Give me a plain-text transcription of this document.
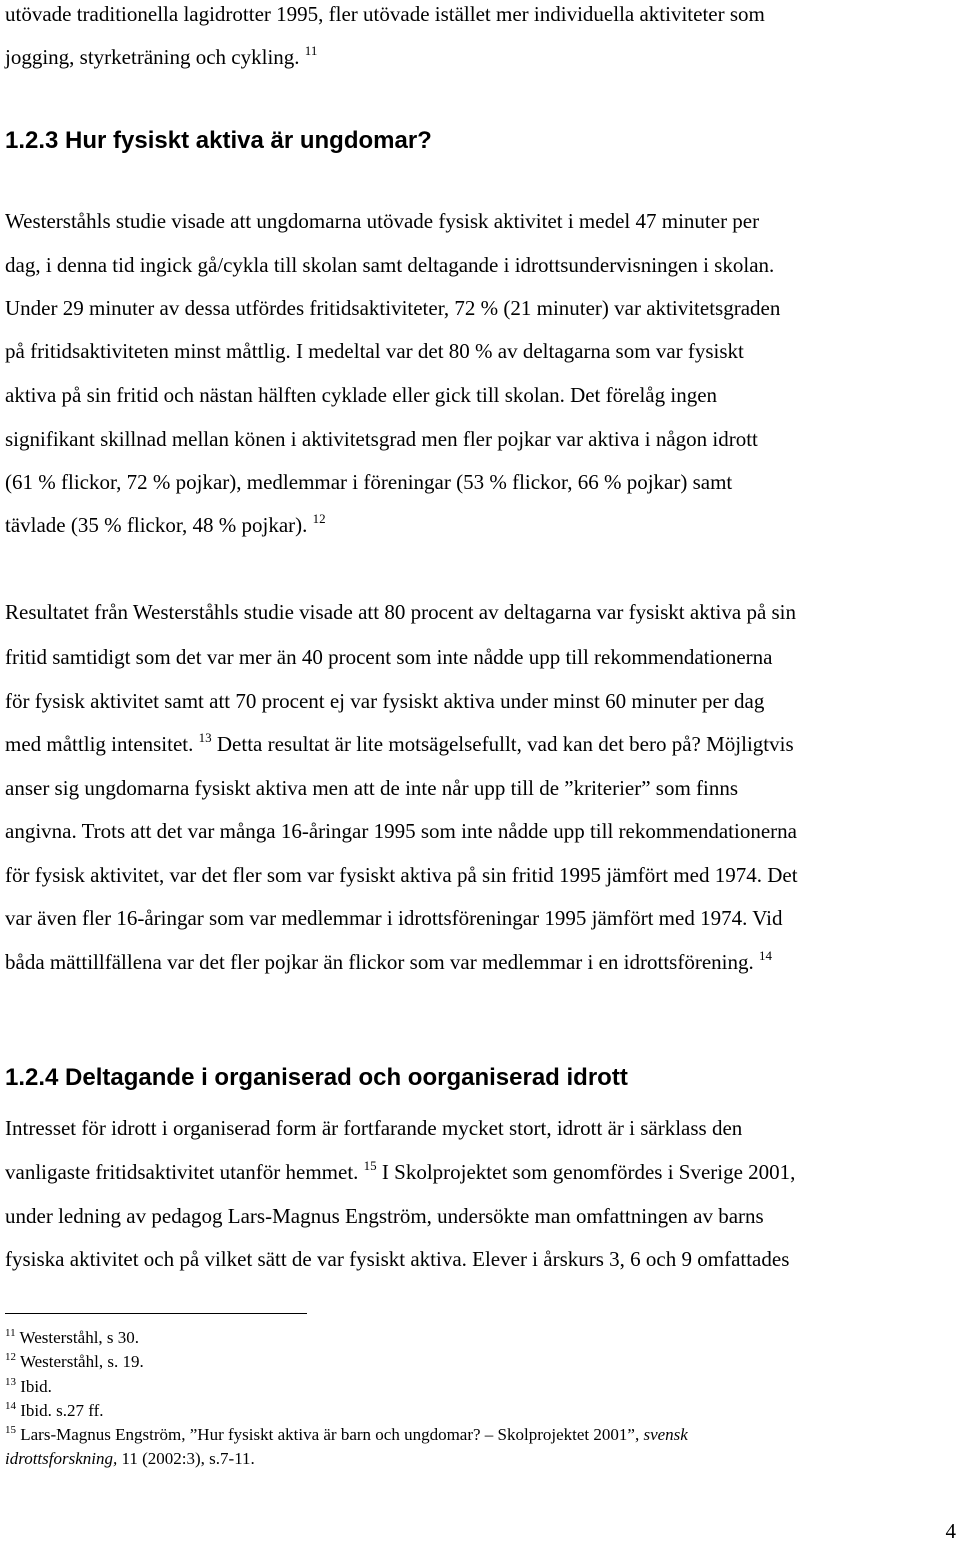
utövade traditionella lagidrotter 1995, fler utövade istället mer individuella aktiviteter som
jogging, styrketräning och cykling. $^{11}$
1.2.3 Hur fysiskt aktiva är ungdomar?
Westerståhls studie visade att ungdomarna utövade fysisk aktivitet i medel 47 minuter per
dag, i denna tid ingick gå/cykla till skolan samt deltagande i idrottsundervisningen i skolan.
Under 29 minuter av dessa utfördes fritidsaktiviteter, 72 % (21 minuter) var aktivitetsgraden
på fritidsaktiviteten minst måttlig. I medeltal var det 80 % av deltagarna som var fysiskt
aktiva på sin fritid och nästan hälften cyklade eller gick till skolan. Det förelåg ingen
signifikant skillnad mellan könen i aktivitetsgrad men fler pojkar var aktiva i någon idrott
(61 % flickor, 72 % pojkar), medlemmar i föreningar (53 % flickor, 66 % pojkar) samt
tävlade (35 % flickor, 48 % pojkar). $^{12}$
Resultatet från Westerståhls studie visade att 80 procent av deltagarna var fysiskt aktiva på sin
fritid samtidigt som det var mer än 40 procent som inte nådde upp till rekommendationerna
för fysisk aktivitet samt att 70 procent ej var fysiskt aktiva under minst 60 minuter per dag
med måttlig intensitet. $^{13}$ Detta resultat är lite motsägelsefullt, vad kan det bero på? Möjligtvis
anser sig ungdomarna fysiskt aktiva men att de inte når upp till de ”kriterier” som finns
angivna. Trots att det var många 16-åringar 1995 som inte nådde upp till rekommendationerna
för fysisk aktivitet, var det fler som var fysiskt aktiva på sin fritid 1995 jämfört med 1974. Det
var även fler 16-åringar som var medlemmar i idrottsföreningar 1995 jämfört med 1974. Vid
båda mättillfällena var det fler pojkar än flickor som var medlemmar i en idrottsförening. $^{14}$
1.2.4 Deltagande i organiserad och oorganiserad idrott
Intresset för idrott i organiserad form är fortfarande mycket stort, idrott är i särklass den
vanligaste fritidsaktivitet utanför hemmet. $^{15}$ I Skolprojektet som genomfördes i Sverige 2001,
under ledning av pedagog Lars-Magnus Engström, undersökte man omfattningen av barns
fysiska aktivitet och på vilket sätt de var fysiskt aktiva. Elever i årskurs 3, 6 och 9 omfattades
$^{11}$ Westerståhl, s 30.
$^{12}$ Westerståhl, s. 19.
$^{13}$ Ibid.
$^{14}$ Ibid. s.27 ff.
$^{15}$ Lars-Magnus Engström, ”Hur fysiskt aktiva är barn och ungdomar? – Skolprojektet 2001”, svensk
idrottsforskning, 11 (2002:3), s.7-11.
4
